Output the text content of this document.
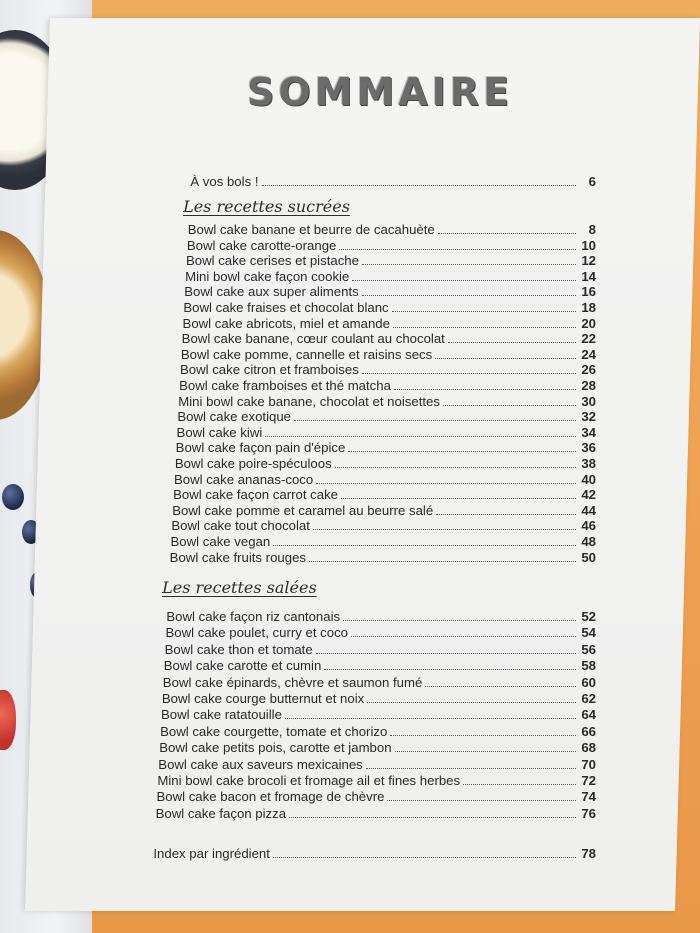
SOMMAIRE
À vos bols !	6
Les recettes sucrées
Bowl cake banane et beurre de cacahuète	8
Bowl cake carotte-orange	10
Bowl cake cerises et pistache	12
Mini bowl cake façon cookie	14
Bowl cake aux super aliments	16
Bowl cake fraises et chocolat blanc	18
Bowl cake abricots, miel et amande	20
Bowl cake banane, cœur coulant au chocolat	22
Bowl cake pomme, cannelle et raisins secs	24
Bowl cake citron et framboises	26
Bowl cake framboises et thé matcha	28
Mini bowl cake banane, chocolat et noisettes	30
Bowl cake exotique	32
Bowl cake kiwi	34
Bowl cake façon pain d'épice	36
Bowl cake poire-spéculoos	38
Bowl cake ananas-coco	40
Bowl cake façon carrot cake	42
Bowl cake pomme et caramel au beurre salé	44
Bowl cake tout chocolat	46
Bowl cake vegan	48
Bowl cake fruits rouges	50
Les recettes salées
Bowl cake façon riz cantonais	52
Bowl cake poulet, curry et coco	54
Bowl cake thon et tomate	56
Bowl cake carotte et cumin	58
Bowl cake épinards, chèvre et saumon fumé	60
Bowl cake courge butternut et noix	62
Bowl cake ratatouille	64
Bowl cake courgette, tomate et chorizo	66
Bowl cake petits pois, carotte et jambon	68
Bowl cake aux saveurs mexicaines	70
Mini bowl cake brocoli et fromage ail et fines herbes	72
Bowl cake bacon et fromage de chèvre	74
Bowl cake façon pizza	76
Index par ingrédient	78
